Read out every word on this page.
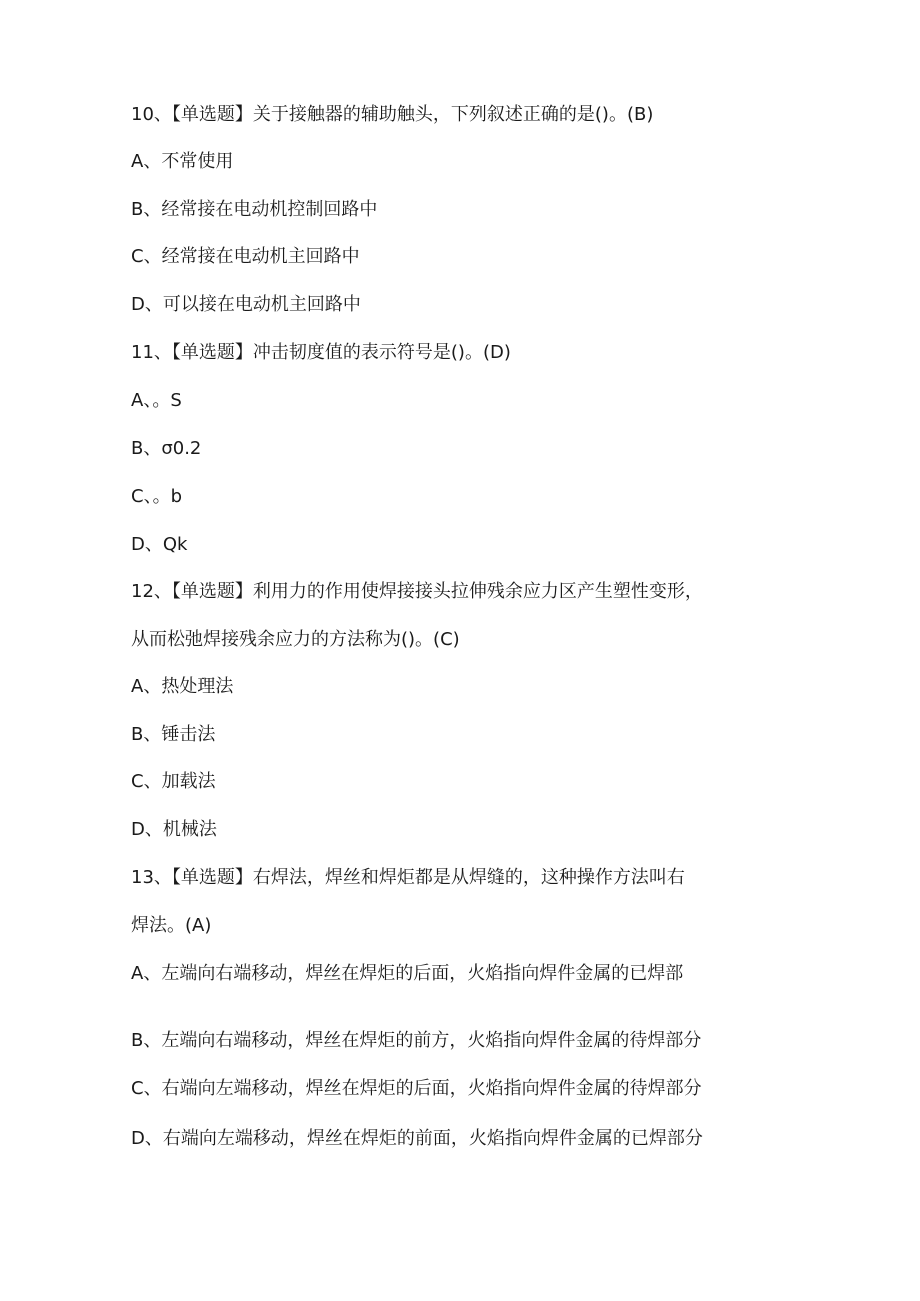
10、【单选题】关于接触器的辅助触头，下列叙述正确的是()。(B)
A、不常使用
B、经常接在电动机控制回路中
C、经常接在电动机主回路中
D、可以接在电动机主回路中
11、【单选题】冲击韧度值的表示符号是()。(D)
A、。S
B、σ0.2
C、。b
D、Qk
12、【单选题】利用力的作用使焊接接头拉伸残余应力区产生塑性变形，
从而松弛焊接残余应力的方法称为()。(C)
A、热处理法
B、锤击法
C、加载法
D、机械法
13、【单选题】右焊法，焊丝和焊炬都是从焊缝的，这种操作方法叫右
焊法。(A)
A、左端向右端移动，焊丝在焊炬的后面，火焰指向焊件金属的已焊部
B、左端向右端移动，焊丝在焊炬的前方，火焰指向焊件金属的待焊部分
C、右端向左端移动，焊丝在焊炬的后面，火焰指向焊件金属的待焊部分
D、右端向左端移动，焊丝在焊炬的前面，火焰指向焊件金属的已焊部分
